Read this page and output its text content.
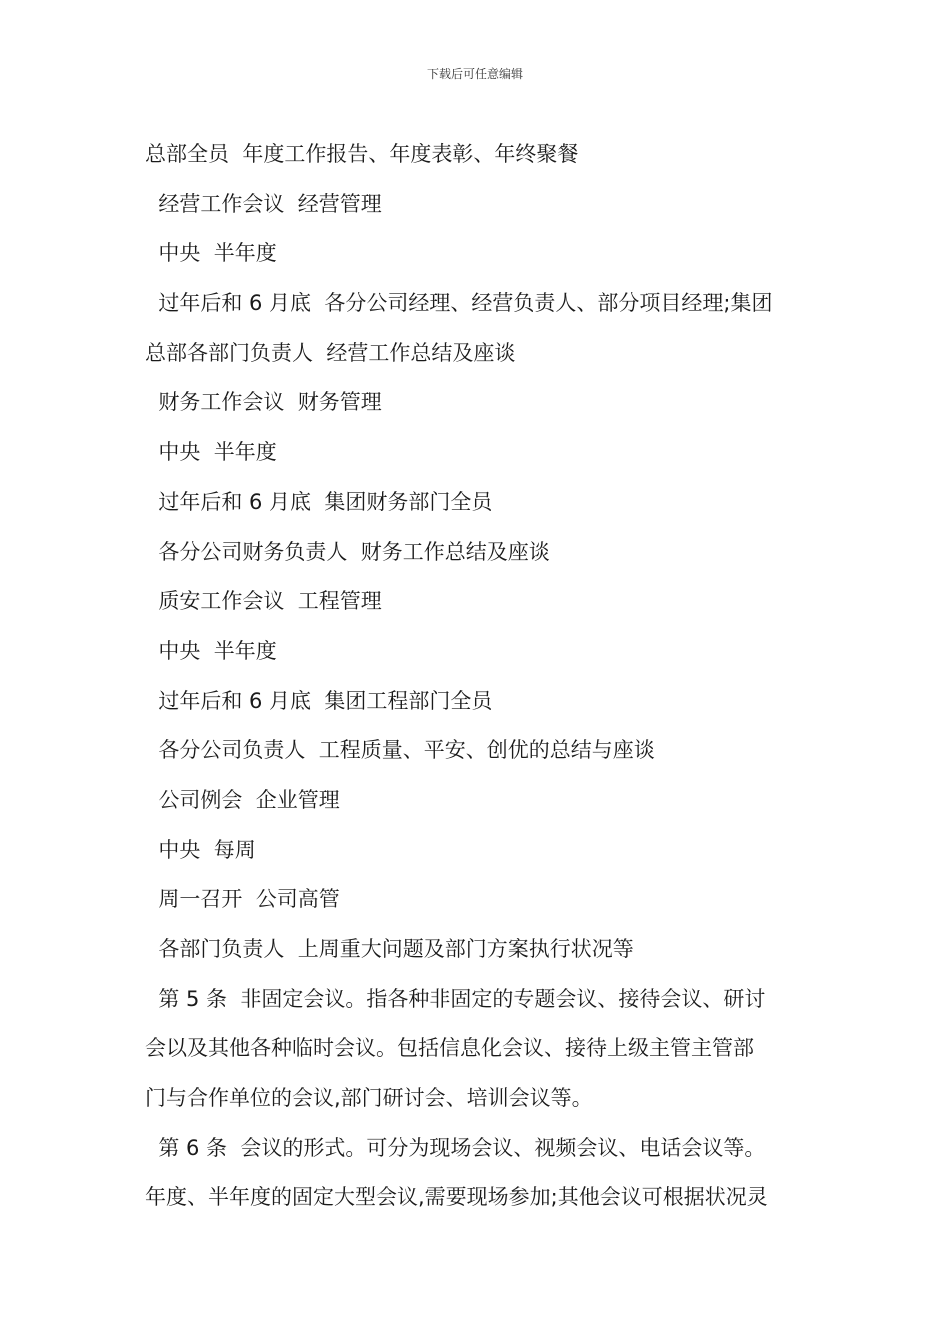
下载后可任意编辑
总部全员  年度工作报告、年度表彰、年终聚餐
经营工作会议  经营管理
中央  半年度
过年后和 6 月底  各分公司经理、经营负责人、部分项目经理;集团
总部各部门负责人  经营工作总结及座谈
财务工作会议  财务管理
中央  半年度
过年后和 6 月底  集团财务部门全员
各分公司财务负责人  财务工作总结及座谈
质安工作会议  工程管理
中央  半年度
过年后和 6 月底  集团工程部门全员
各分公司负责人  工程质量、平安、创优的总结与座谈
公司例会  企业管理
中央  每周
周一召开  公司高管
各部门负责人  上周重大问题及部门方案执行状况等
第 5 条  非固定会议。指各种非固定的专题会议、接待会议、研讨
会以及其他各种临时会议。包括信息化会议、接待上级主管主管部
门与合作单位的会议,部门研讨会、培训会议等。
第 6 条  会议的形式。可分为现场会议、视频会议、电话会议等。
年度、半年度的固定大型会议,需要现场参加;其他会议可根据状况灵
